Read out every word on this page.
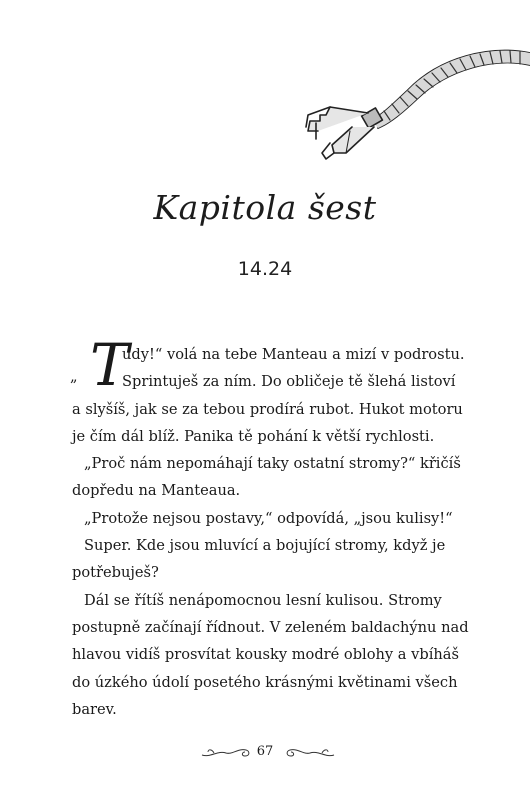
Kapitola šest
14.24
T
„
udy!“ volá na tebe Manteau a mizí v podrostu.
Sprintuješ za ním. Do obličeje tě šlehá listoví
a slyšíš, jak se za tebou prodírá rubot. Hukot motoru
je čím dál blíž. Panika tě pohání k větší rychlosti.
„Proč nám nepomáhají taky ostatní stromy?“ křičíš
dopředu na Manteaua.
„Protože nejsou postavy,“ odpovídá, „jsou kulisy!“
Super. Kde jsou mluvící a bojující stromy, když je
potřebuješ?
Dál se řítíš nenápomocnou lesní kulisou. Stromy
postupně začínají řídnout. V zeleném baldachýnu nad
hlavou vidíš prosvítat kousky modré oblohy a vbíháš
do úzkého údolí posetého krásnými květinami všech
barev.
67
